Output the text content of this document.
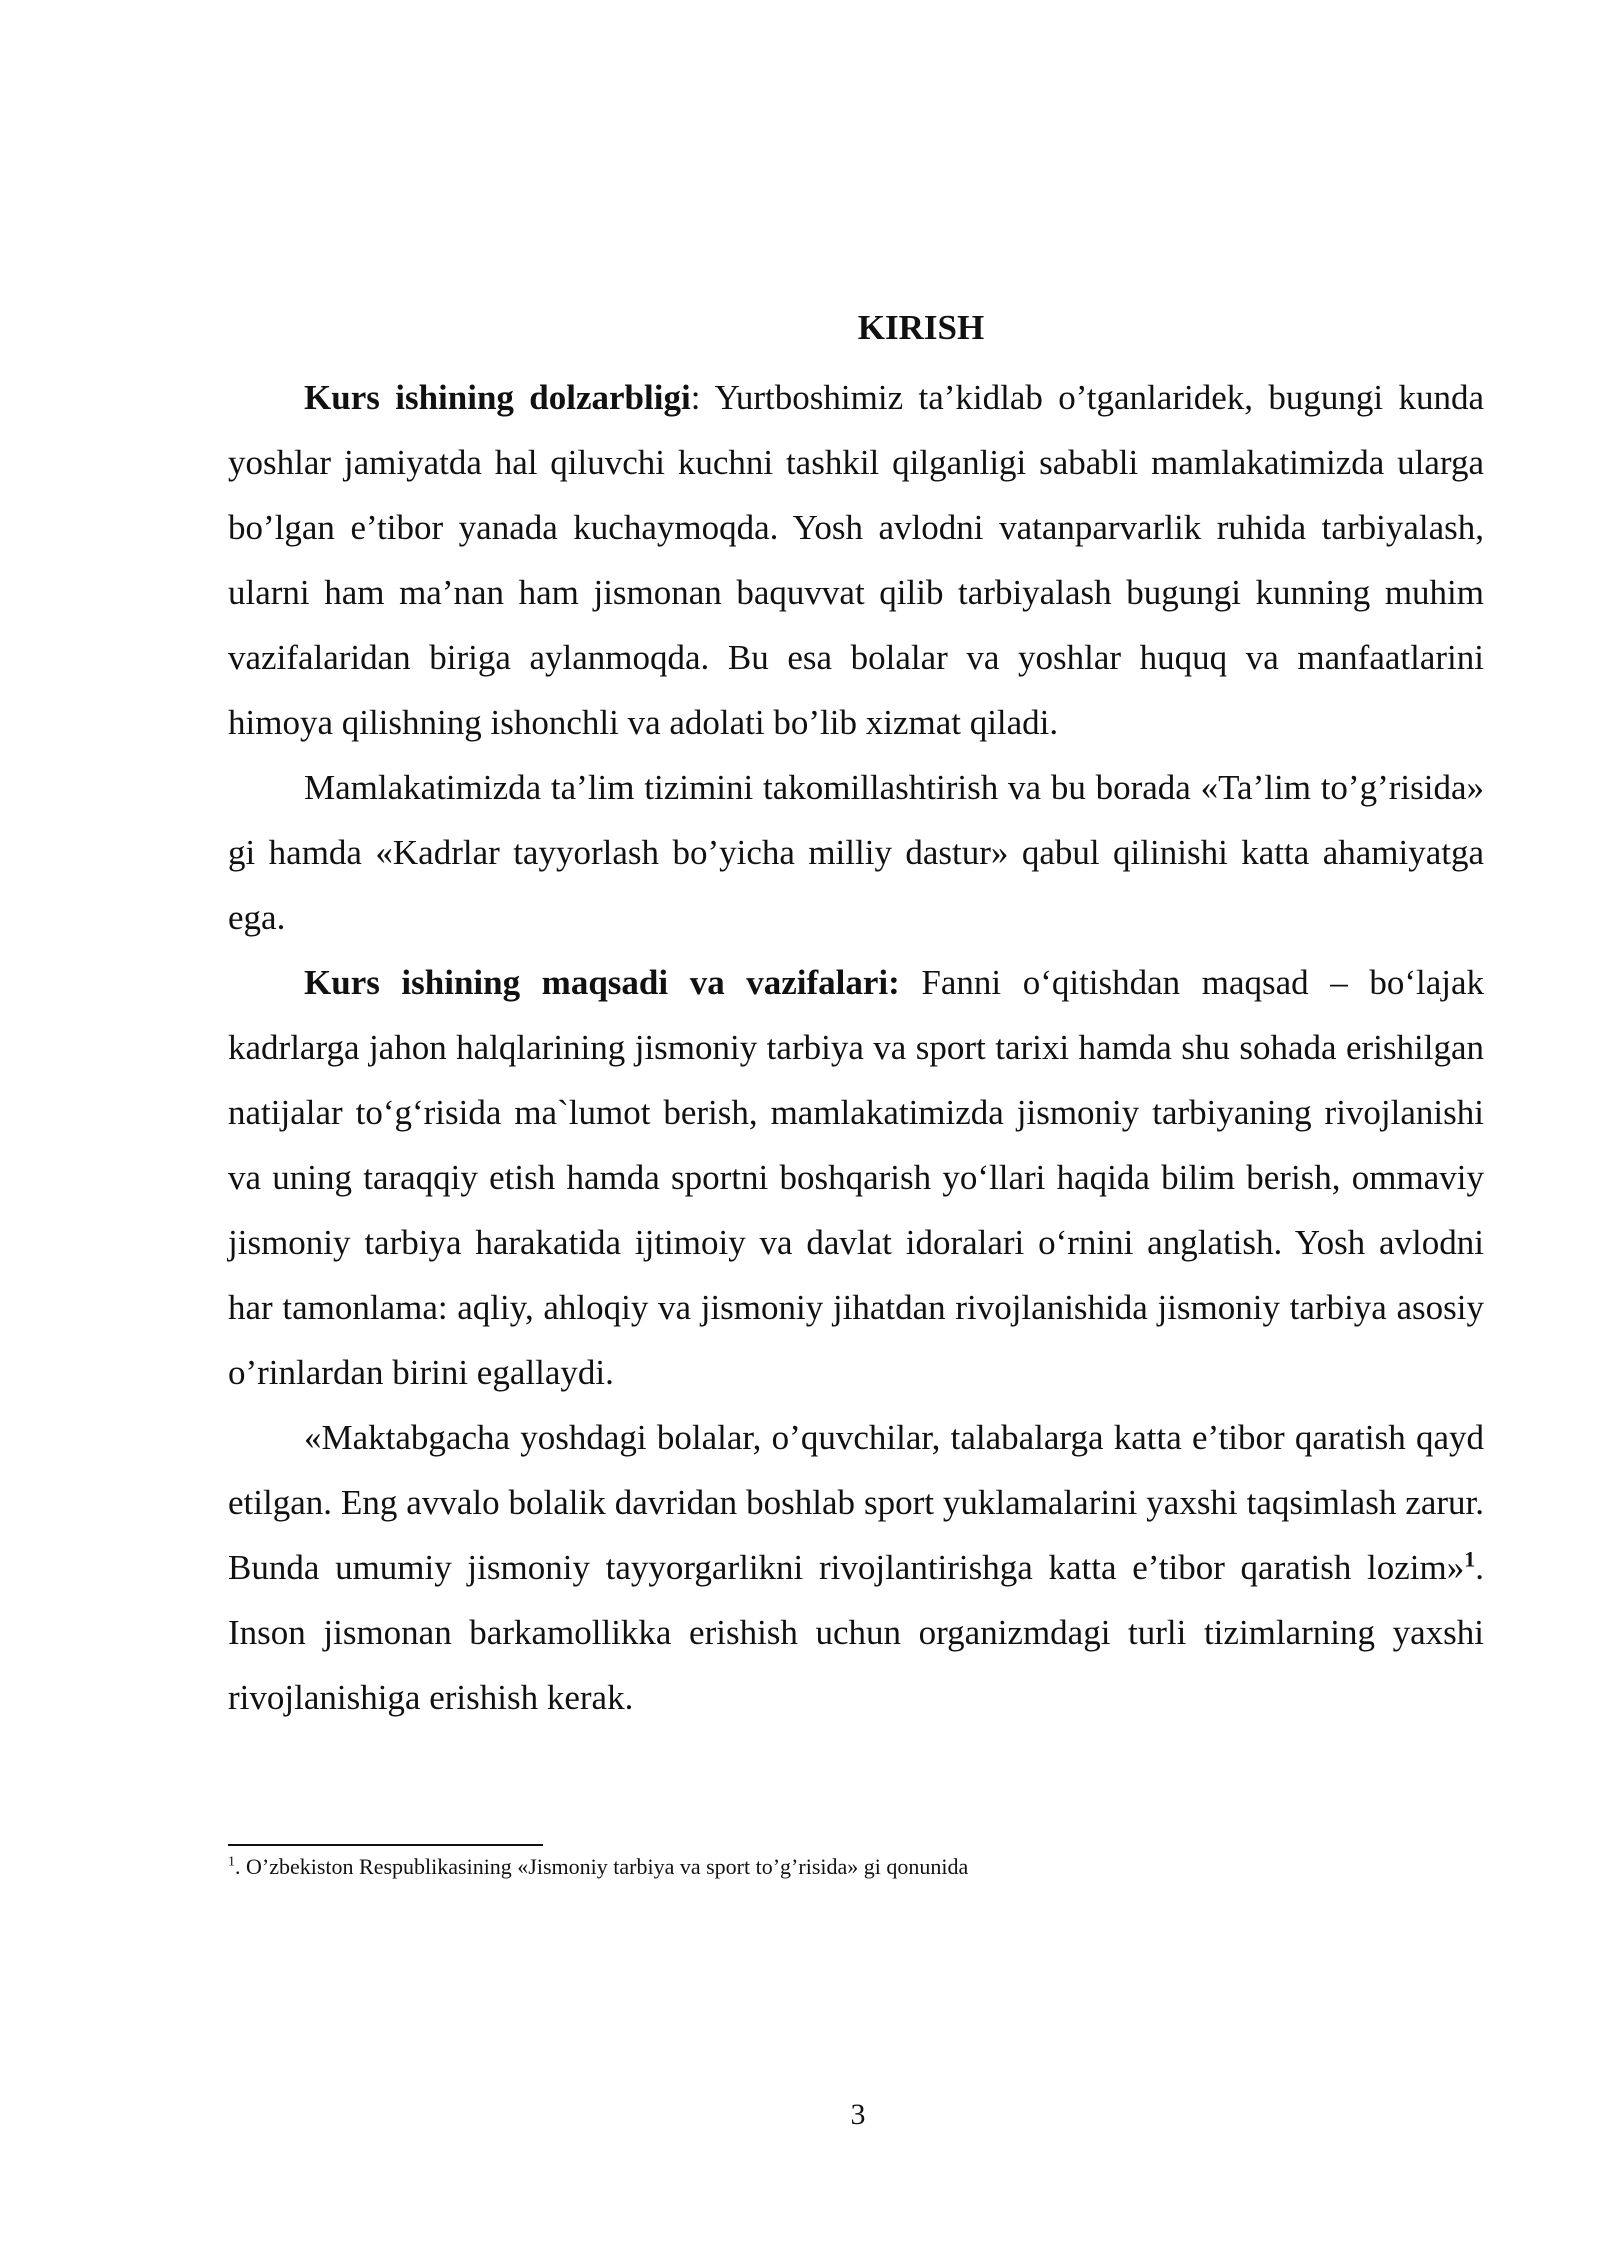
KIRISH

Kurs ishining dolzarbligi: Yurtboshimiz ta’kidlab o’tganlaridek, bugungi kunda yoshlar jamiyatda hal qiluvchi kuchni tashkil qilganligi sababli mamlakatimizda ularga bo’lgan e’tibor yanada kuchaymoqda. Yosh avlodni vatanparvarlik ruhida tarbiyalash, ularni ham ma’nan ham jismonan baquvvat qilib tarbiyalash bugungi kunning muhim vazifalaridan biriga aylanmoqda. Bu esa bolalar va yoshlar huquq va manfaatlarini himoya qilishning ishonchli va adolati bo’lib xizmat qiladi.

Mamlakatimizda ta’lim tizimini takomillashtirish va bu borada «Ta’lim to’g’risida» gi hamda «Kadrlar tayyorlash bo’yicha milliy dastur» qabul qilinishi katta ahamiyatga ega.

Kurs ishining maqsadi va vazifalari: Fanni o‘qitishdan maqsad – bo‘lajak kadrlarga jahon halqlarining jismoniy tarbiya va sport tarixi hamda shu sohada erishilgan natijalar to‘g‘risida ma`lumot berish, mamlakatimizda jismoniy tarbiyaning rivojlanishi va uning taraqqiy etish hamda sportni boshqarish yo‘llari haqida bilim berish, ommaviy jismoniy tarbiya harakatida ijtimoiy va davlat idoralari o‘rnini anglatish. Yosh avlodni har tamonlama: aqliy, ahloqiy va jismoniy jihatdan rivojlanishida jismoniy tarbiya asosiy o’rinlardan birini egallaydi.

«Maktabgacha yoshdagi bolalar, o’quvchilar, talabalarga katta e’tibor qaratish qayd etilgan. Eng avvalo bolalik davridan boshlab sport yuklamalarini yaxshi taqsimlash zarur. Bunda umumiy jismoniy tayyorgarlikni rivojlantirishga katta e’tibor qaratish lozim»$^1$. Inson jismonan barkamollikka erishish uchun organizmdagi turli tizimlarning yaxshi rivojlanishiga erishish kerak.

$^1$. O’zbekiston Respublikasining «Jismoniy tarbiya va sport to’g’risida» gi qonunida

3
